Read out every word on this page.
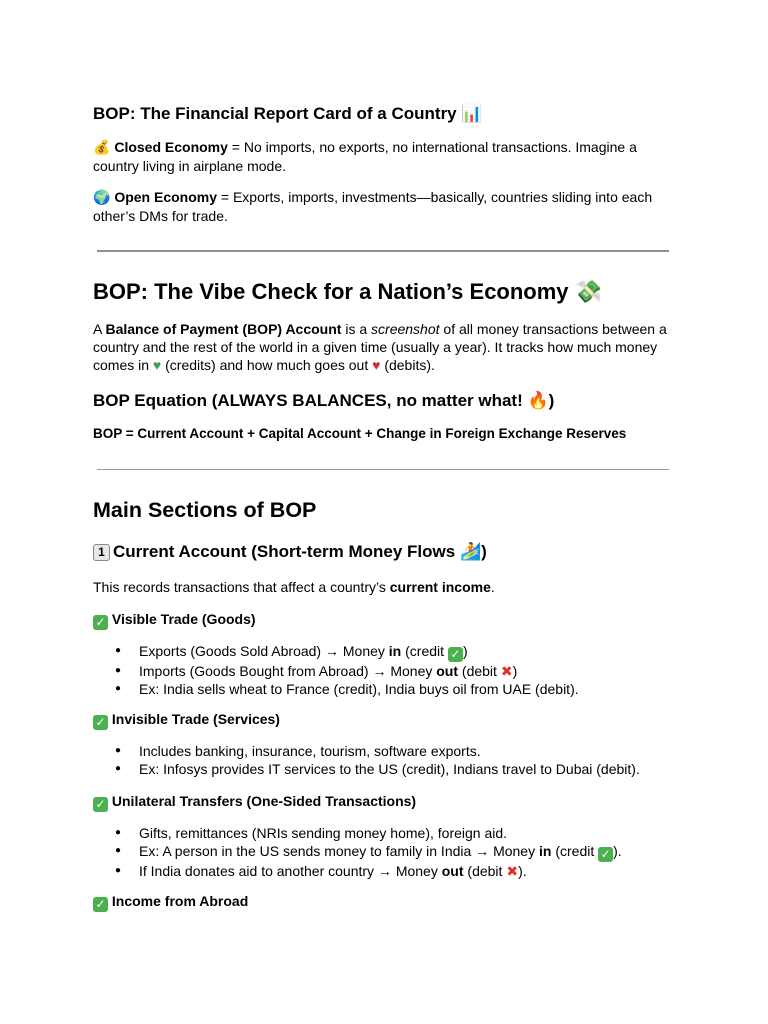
BOP: The Financial Report Card of a Country 📊
💰 Closed Economy = No imports, no exports, no international transactions. Imagine a country living in airplane mode.
🌍 Open Economy = Exports, imports, investments—basically, countries sliding into each other’s DMs for trade.
BOP: The Vibe Check for a Nation’s Economy 💸
A Balance of Payment (BOP) Account is a screenshot of all money transactions between a country and the rest of the world in a given time (usually a year). It tracks how much money comes in ♥ (credits) and how much goes out ♥ (debits).
BOP Equation (ALWAYS BALANCES, no matter what! 🔥)
BOP = Current Account + Capital Account + Change in Foreign Exchange Reserves
Main Sections of BOP
1 Current Account (Short-term Money Flows 🏄)
This records transactions that affect a country’s current income.
✓ Visible Trade (Goods)
● Exports (Goods Sold Abroad) → Money in (credit ✓ )
● Imports (Goods Bought from Abroad) → Money out (debit ✖)
● Ex: India sells wheat to France (credit), India buys oil from UAE (debit).
✓ Invisible Trade (Services)
● Includes banking, insurance, tourism, software exports.
● Ex: Infosys provides IT services to the US (credit), Indians travel to Dubai (debit).
✓ Unilateral Transfers (One-Sided Transactions)
● Gifts, remittances (NRIs sending money home), foreign aid.
● Ex: A person in the US sends money to family in India → Money in (credit ✓ ).
● If India donates aid to another country → Money out (debit ✖).
✓ Income from Abroad
